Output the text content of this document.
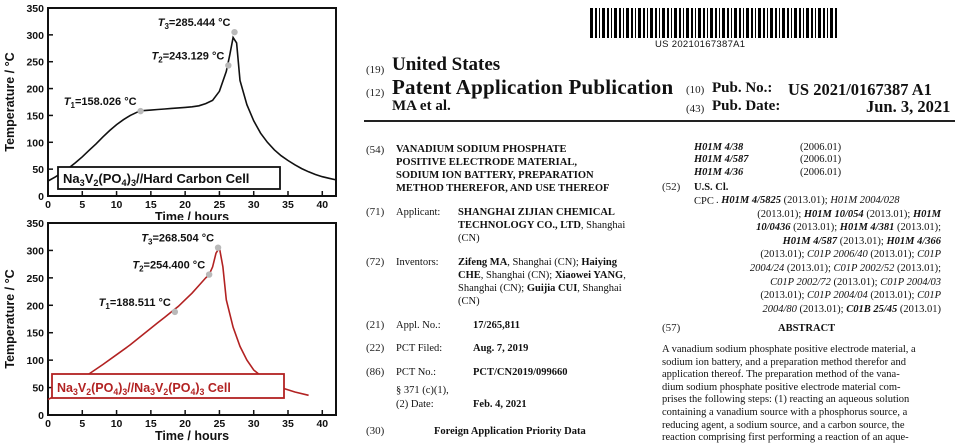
0
50
100
150
200
250
300
350
0	5 10 15 20 25 30 35 40
Time / hours
Temperature / °C	$T_1=158.026$ °C
$T_2=243.129$ °C
$T_3=285.444$ °C
$Na_3V_2(PO_4)_3/$/Hard Carbon Cell
0
50
100
150
200
250
300
350
0	5 10 15 20 25 30 35 40
Time / hours
Temperature / °C	$T_1=188.511$ °C
$T_2=254.400$ °C
$T_3=268.504$ °C
$Na_3V_2(PO_4)_3//Na_3V_2(PO_4)_3$ Cell
US 20210167387A1
(19) United States
(12) Patent Application Publication
MA et al.
(10) Pub. No.: US 2021/0167387 A1
(43) Pub. Date:	Jun. 3, 2021
(54) VANADIUM SODIUM PHOSPHATE
POSITIVE ELECTRODE MATERIAL,
SODIUM ION BATTERY, PREPARATION
METHOD THEREFOR, AND USE THEREOF
(71) Applicant: SHANGHAI ZIJIAN CHEMICAL
TECHNOLOGY CO., LTD, Shanghai
(CN)
(72) Inventors: Zifeng MA, Shanghai (CN); Haiying
CHE, Shanghai (CN); Xiaowei YANG,
Shanghai (CN); Guijia CUI, Shanghai
(CN)
(21) Appl. No.:	17/265,811
(22) PCT Filed:	Aug. 7, 2019
(86) PCT No.:	PCT/CN2019/099660
§ 371 (c)(1),
(2) Date:	Feb. 4, 2021
(30)	Foreign Application Priority Data
H01M 4/38	(2006.01)
H01M 4/587	(2006.01)
H01M 4/36	(2006.01)
(52) U.S. Cl.
CPC . H01M 4/5825 (2013.01); H01M 2004/028
(2013.01); H01M 10/054 (2013.01); H01M
10/0436 (2013.01); H01M 4/381 (2013.01);
H01M 4/587 (2013.01); H01M 4/366
(2013.01); C01P 2006/40 (2013.01); C01P
2004/24 (2013.01); C01P 2002/52 (2013.01);
C01P 2002/72 (2013.01); C01P 2004/03
(2013.01); C01P 2004/04 (2013.01); C01P
2004/80 (2013.01); C01B 25/45 (2013.01)
(57)	ABSTRACT
A vanadium sodium phosphate positive electrode material, a
sodium ion battery, and a preparation method therefor and
application thereof. The preparation method of the vana-
dium sodium phosphate positive electrode material com-
prises the following steps: (1) reacting an aqueous solution
containing a vanadium source with a phosphorus source, a
reducing agent, a sodium source, and a carbon source, the
reaction comprising first performing a reaction of an aque-
